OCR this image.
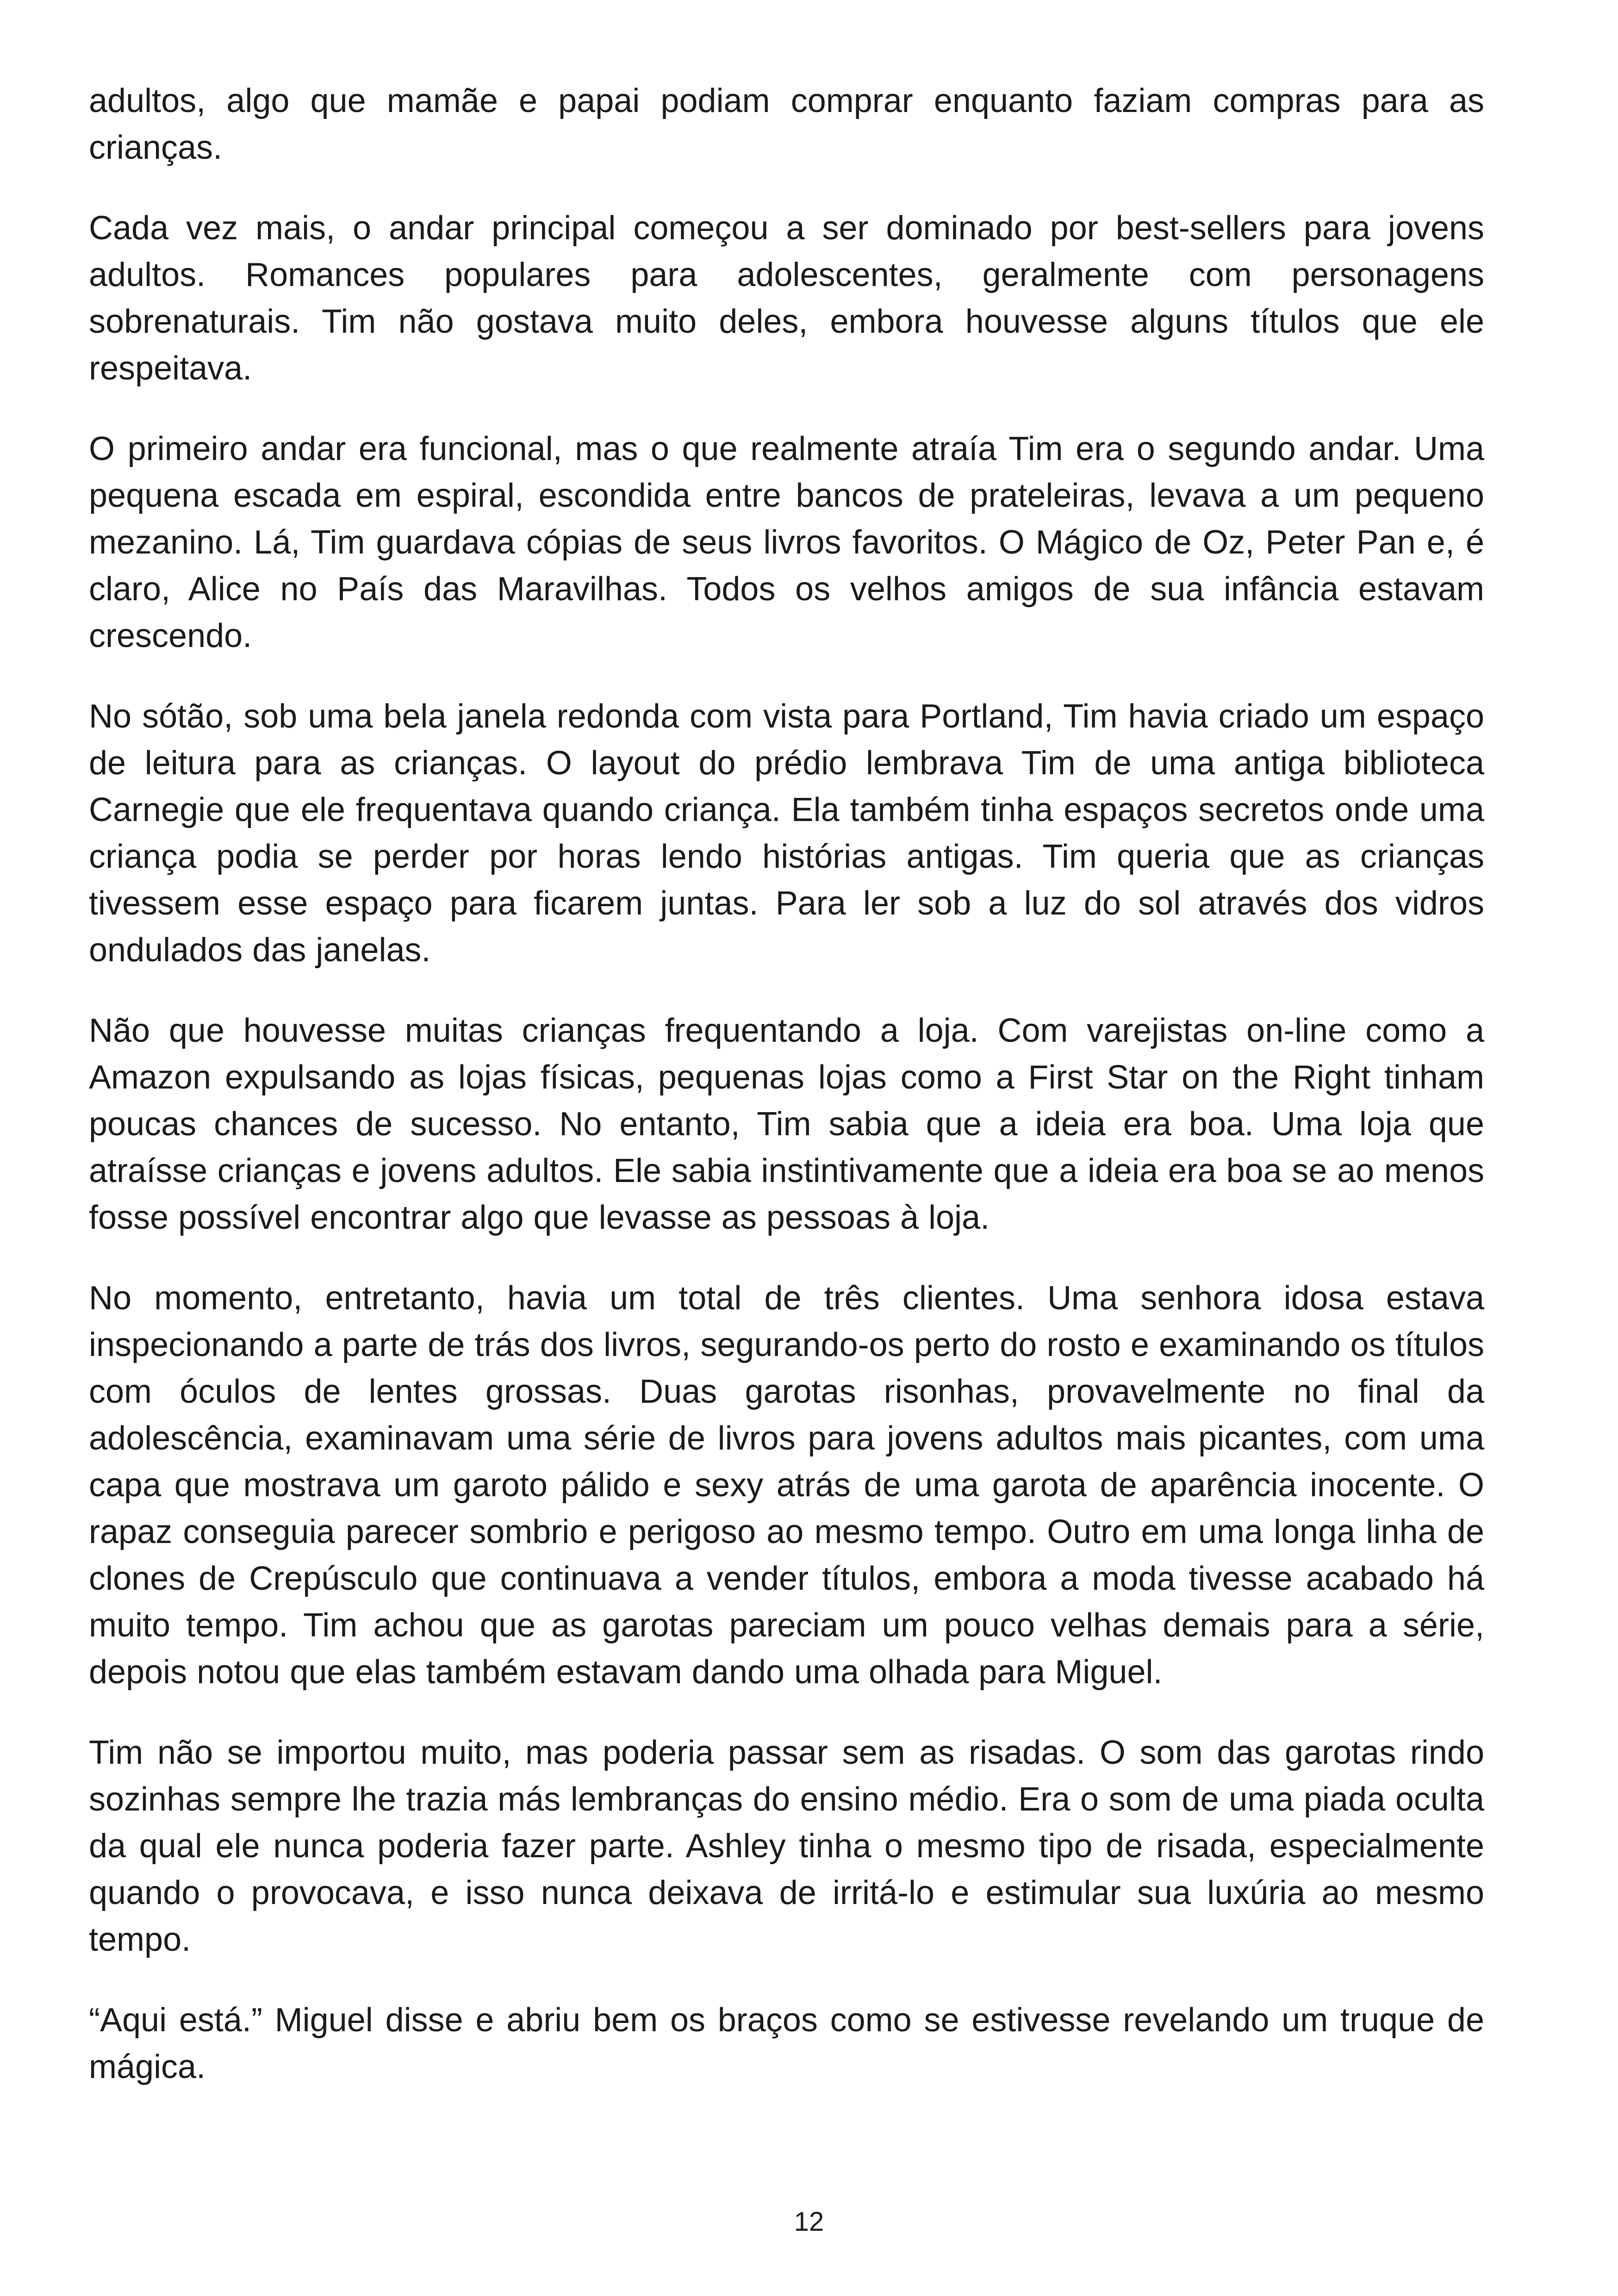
adultos, algo que mamãe e papai podiam comprar enquanto faziam compras para as crianças.

Cada vez mais, o andar principal começou a ser dominado por best-sellers para jovens adultos. Romances populares para adolescentes, geralmente com personagens sobrenaturais. Tim não gostava muito deles, embora houvesse alguns títulos que ele respeitava.

O primeiro andar era funcional, mas o que realmente atraía Tim era o segundo andar. Uma pequena escada em espiral, escondida entre bancos de prateleiras, levava a um pequeno mezanino. Lá, Tim guardava cópias de seus livros favoritos. O Mágico de Oz, Peter Pan e, é claro, Alice no País das Maravilhas. Todos os velhos amigos de sua infância estavam crescendo.

No sótão, sob uma bela janela redonda com vista para Portland, Tim havia criado um espaço de leitura para as crianças. O layout do prédio lembrava Tim de uma antiga biblioteca Carnegie que ele frequentava quando criança. Ela também tinha espaços secretos onde uma criança podia se perder por horas lendo histórias antigas. Tim queria que as crianças tivessem esse espaço para ficarem juntas. Para ler sob a luz do sol através dos vidros ondulados das janelas.

Não que houvesse muitas crianças frequentando a loja. Com varejistas on-line como a Amazon expulsando as lojas físicas, pequenas lojas como a First Star on the Right tinham poucas chances de sucesso. No entanto, Tim sabia que a ideia era boa. Uma loja que atraísse crianças e jovens adultos. Ele sabia instintivamente que a ideia era boa se ao menos fosse possível encontrar algo que levasse as pessoas à loja.

No momento, entretanto, havia um total de três clientes. Uma senhora idosa estava inspecionando a parte de trás dos livros, segurando-os perto do rosto e examinando os títulos com óculos de lentes grossas. Duas garotas risonhas, provavelmente no final da adolescência, examinavam uma série de livros para jovens adultos mais picantes, com uma capa que mostrava um garoto pálido e sexy atrás de uma garota de aparência inocente. O rapaz conseguia parecer sombrio e perigoso ao mesmo tempo. Outro em uma longa linha de clones de Crepúsculo que continuava a vender títulos, embora a moda tivesse acabado há muito tempo. Tim achou que as garotas pareciam um pouco velhas demais para a série, depois notou que elas também estavam dando uma olhada para Miguel.

Tim não se importou muito, mas poderia passar sem as risadas. O som das garotas rindo sozinhas sempre lhe trazia más lembranças do ensino médio. Era o som de uma piada oculta da qual ele nunca poderia fazer parte. Ashley tinha o mesmo tipo de risada, especialmente quando o provocava, e isso nunca deixava de irritá-lo e estimular sua luxúria ao mesmo tempo.

“Aqui está.” Miguel disse e abriu bem os braços como se estivesse revelando um truque de mágica.

12
